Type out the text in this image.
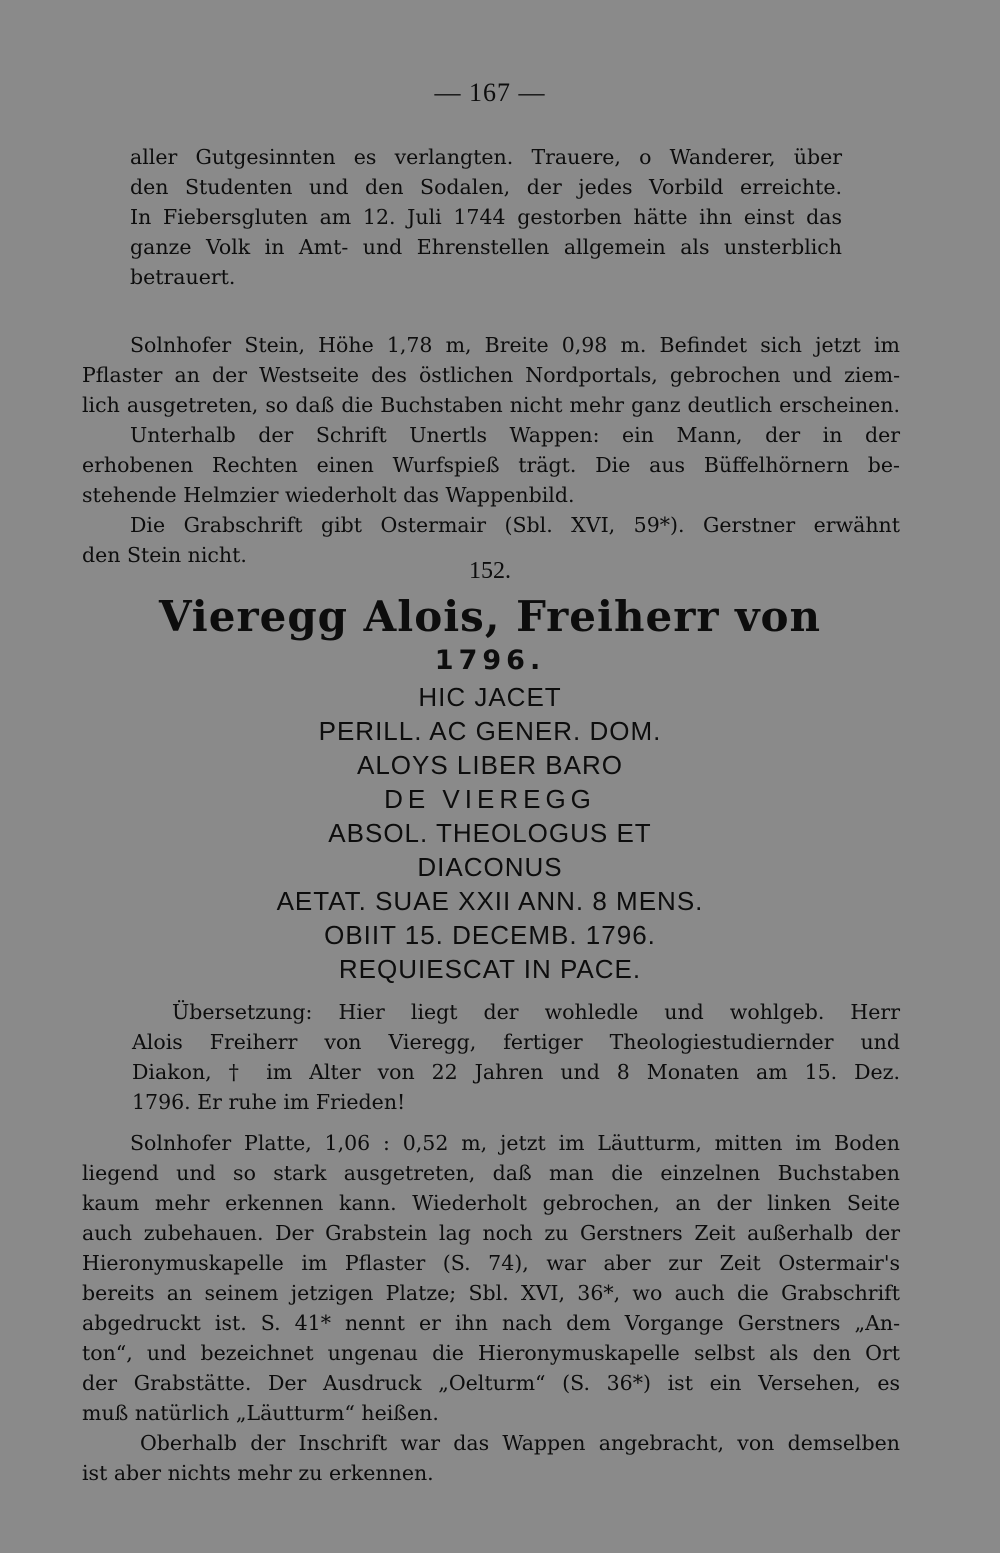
— 167 —
aller Gutgesinnten es verlangten. Trauere, o Wanderer, über
den Studenten und den Sodalen, der jedes Vorbild erreichte.
In Fiebersgluten am 12. Juli 1744 gestorben hätte ihn einst das
ganze Volk in Amt- und Ehrenstellen allgemein als unsterblich
betrauert.
Solnhofer Stein, Höhe 1,78 m, Breite 0,98 m. Befindet sich jetzt im
Pflaster an der Westseite des östlichen Nordportals, gebrochen und ziem-
lich ausgetreten, so daß die Buchstaben nicht mehr ganz deutlich erscheinen.
Unterhalb der Schrift Unertls Wappen: ein Mann, der in der
erhobenen Rechten einen Wurfspieß trägt. Die aus Büffelhörnern be-
stehende Helmzier wiederholt das Wappenbild.
Die Grabschrift gibt Ostermair (Sbl. XVI, 59*). Gerstner erwähnt
den Stein nicht.
152.
Vieregg Alois, Freiherr von
1796.
HIC JACET
PERILL. AC GENER. DOM.
ALOYS LIBER BARO
DE VIEREGG
ABSOL. THEOLOGUS ET
DIACONUS
AETAT. SUAE XXII ANN. 8 MENS.
OBIIT 15. DECEMB. 1796.
REQUIESCAT IN PACE.
Übersetzung: Hier liegt der wohledle und wohlgeb. Herr
Alois Freiherr von Vieregg, fertiger Theologiestudiernder und
Diakon, † im Alter von 22 Jahren und 8 Monaten am 15. Dez.
1796. Er ruhe im Frieden!
Solnhofer Platte, 1,06 : 0,52 m, jetzt im Läutturm, mitten im Boden
liegend und so stark ausgetreten, daß man die einzelnen Buchstaben
kaum mehr erkennen kann. Wiederholt gebrochen, an der linken Seite
auch zubehauen. Der Grabstein lag noch zu Gerstners Zeit außerhalb der
Hieronymuskapelle im Pflaster (S. 74), war aber zur Zeit Ostermair's
bereits an seinem jetzigen Platze; Sbl. XVI, 36*, wo auch die Grabschrift
abgedruckt ist. S. 41* nennt er ihn nach dem Vorgange Gerstners „An-
ton“, und bezeichnet ungenau die Hieronymuskapelle selbst als den Ort
der Grabstätte. Der Ausdruck „Oelturm“ (S. 36*) ist ein Versehen, es
muß natürlich „Läutturm“ heißen.
Oberhalb der Inschrift war das Wappen angebracht, von demselben
ist aber nichts mehr zu erkennen.
